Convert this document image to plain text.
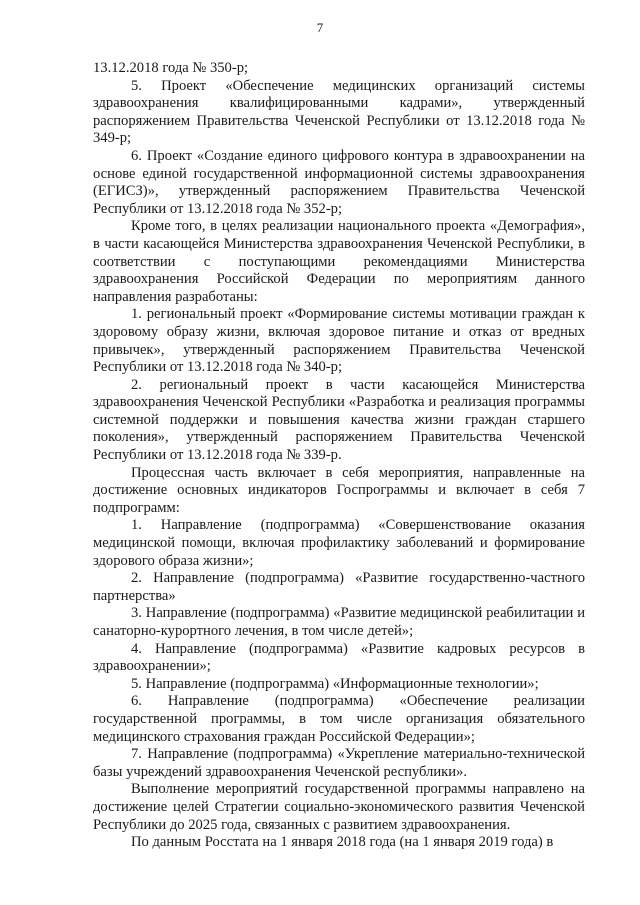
7

13.12.2018 года № 350-р;

5. Проект «Обеспечение медицинских организаций системы здравоохранения квалифицированными кадрами», утвержденный распоряжением Правительства Чеченской Республики от 13.12.2018 года № 349-р;

6. Проект «Создание единого цифрового контура в здравоохранении на основе единой государственной информационной системы здравоохранения (ЕГИСЗ)», утвержденный распоряжением Правительства Чеченской Республики от 13.12.2018 года № 352-р;

Кроме того, в целях реализации национального проекта «Демография», в части касающейся Министерства здравоохранения Чеченской Республики, в соответствии с поступающими рекомендациями Министерства здравоохранения Российской Федерации по мероприятиям данного направления разработаны:

1. региональный проект «Формирование системы мотивации граждан к здоровому образу жизни, включая здоровое питание и отказ от вредных привычек», утвержденный распоряжением Правительства Чеченской Республики от 13.12.2018 года № 340-р;

2. региональный проект в части касающейся Министерства здравоохранения Чеченской Республики «Разработка и реализация программы системной поддержки и повышения качества жизни граждан старшего поколения», утвержденный распоряжением Правительства Чеченской Республики от 13.12.2018 года № 339-р.

Процессная часть включает в себя мероприятия, направленные на достижение основных индикаторов Госпрограммы и включает в себя 7 подпрограмм:

1. Направление (подпрограмма) «Совершенствование оказания медицинской помощи, включая профилактику заболеваний и формирование здорового образа жизни»;

2. Направление (подпрограмма) «Развитие государственно-частного партнерства»

3. Направление (подпрограмма) «Развитие медицинской реабилитации и санаторно-курортного лечения, в том числе детей»;

4. Направление (подпрограмма) «Развитие кадровых ресурсов в здравоохранении»;

5. Направление (подпрограмма) «Информационные технологии»;

6. Направление (подпрограмма) «Обеспечение реализации государственной программы, в том числе организация обязательного медицинского страхования граждан Российской Федерации»;

7. Направление (подпрограмма) «Укрепление материально-технической базы учреждений здравоохранения Чеченской республики».

Выполнение мероприятий государственной программы направлено на достижение целей Стратегии социально-экономического развития Чеченской Республики до 2025 года, связанных с развитием здравоохранения.

По данным Росстата на 1 января 2018 года (на 1 января 2019 года) в
